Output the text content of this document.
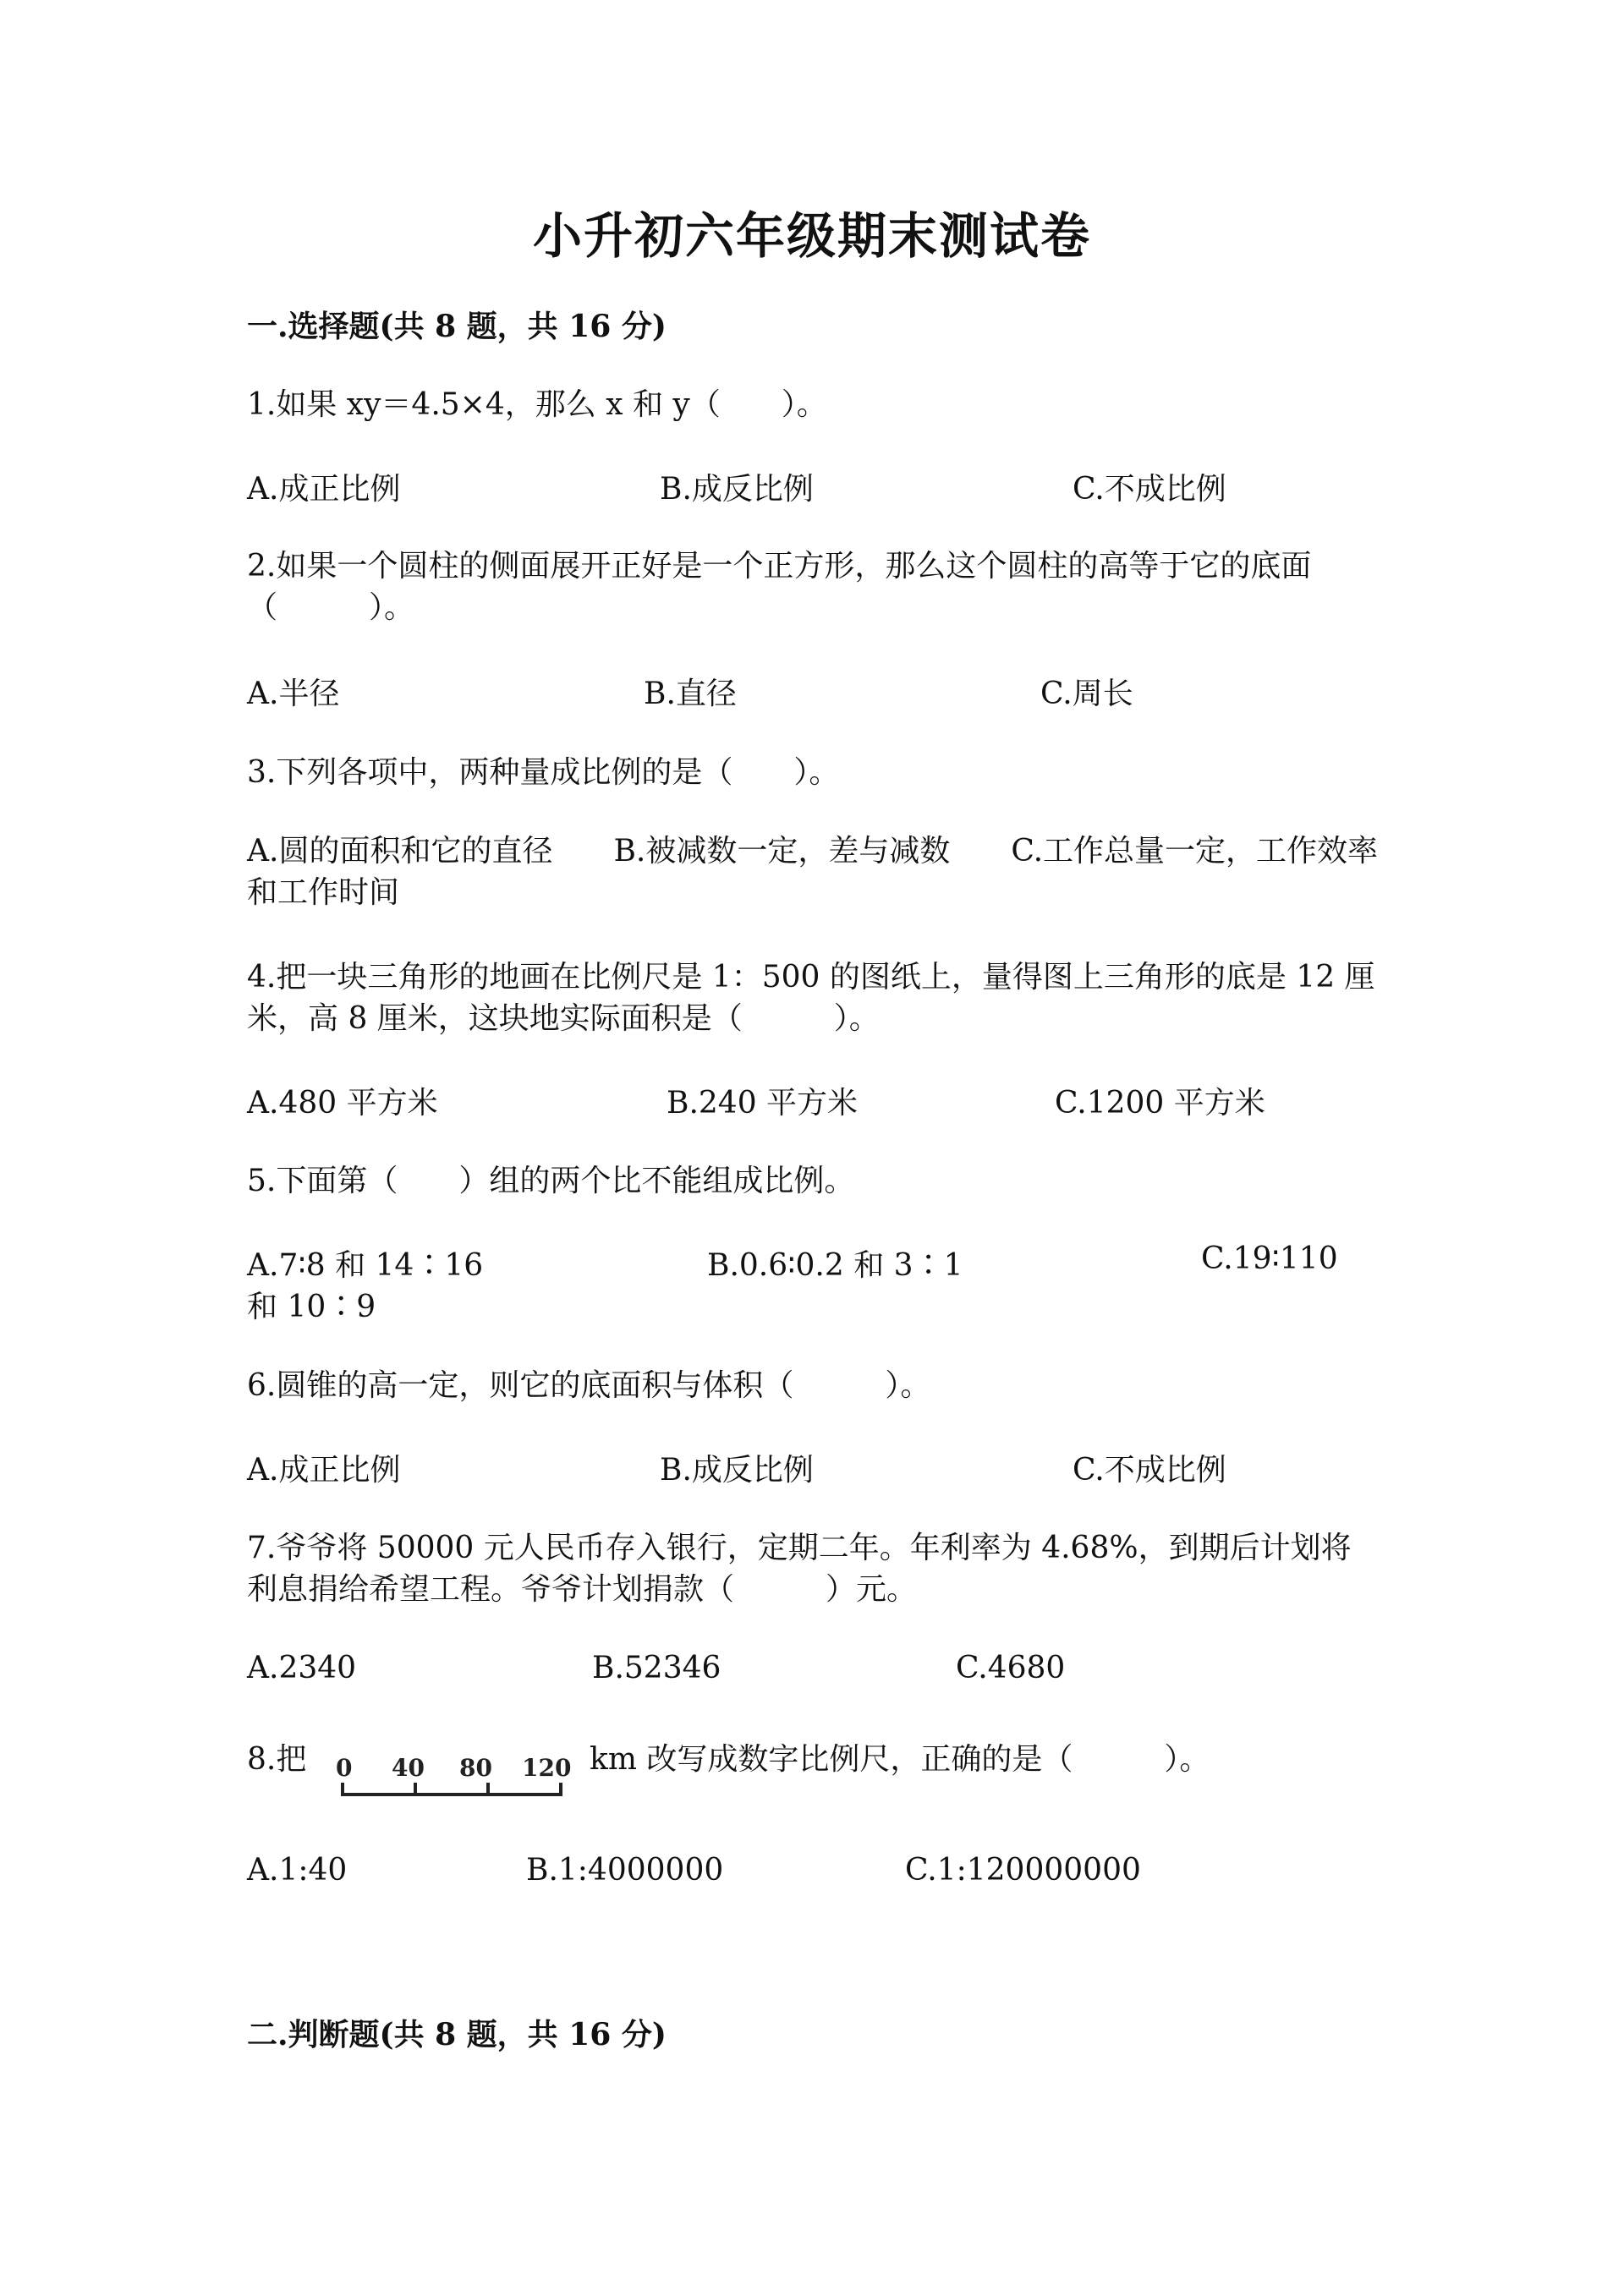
小升初六年级期末测试卷
一.选择题(共 8 题，共 16 分)
1.如果 xy＝4.5×4，那么 x 和 y（　　）。
A.成正比例	B.成反比例	C.不成比例
2.如果一个圆柱的侧面展开正好是一个正方形，那么这个圆柱的高等于它的底面（　　　）。
A.半径	B.直径	C.周长
3.下列各项中，两种量成比例的是（　　）。
A.圆的面积和它的直径　　B.被减数一定，差与减数　　C.工作总量一定，工作效率和工作时间
4.把一块三角形的地画在比例尺是 1：500 的图纸上，量得图上三角形的底是 12 厘米，高 8 厘米，这块地实际面积是（　　　）。
A.480 平方米	B.240 平方米	C.1200 平方米
5.下面第（　　）组的两个比不能组成比例。
A.7∶8 和 14∶16	B.0.6∶0.2 和 3∶1	C.19∶110
和 10∶9
6.圆锥的高一定，则它的底面积与体积（　　　）。
A.成正比例	B.成反比例	C.不成比例
7.爷爷将 50000 元人民币存入银行，定期二年。年利率为 4.68%，到期后计划将利息捐给希望工程。爷爷计划捐款（　　　）元。
A.2340	B.52346	C.4680
8.把 0 40 80 120 km 改写成数字比例尺，正确的是（　　　）。
A.1:40	B.1:4000000	C.1:120000000
二.判断题(共 8 题，共 16 分)
